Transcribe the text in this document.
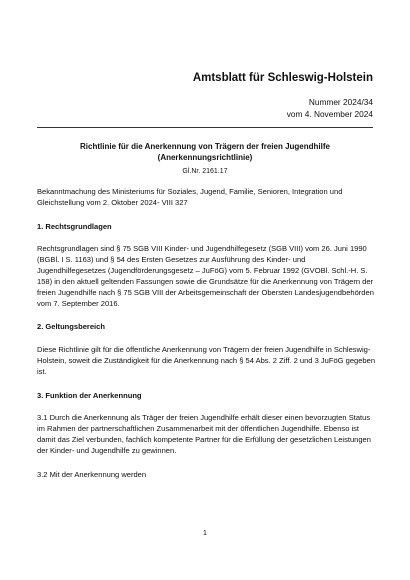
Amtsblatt für Schleswig-Holstein
Nummer 2024/34
vom 4. November 2024
Richtlinie für die Anerkennung von Trägern der freien Jugendhilfe
(Anerkennungsrichtlinie)
Gl.Nr. 2161.17
Bekanntmachung des Ministeriums für Soziales, Jugend, Familie, Senioren, Integration und Gleichstellung vom 2. Oktober 2024- VIII 327
1. Rechtsgrundlagen
Rechtsgrundlagen sind § 75 SGB VIII Kinder- und Jugendhilfegesetz (SGB VIII) vom 26. Juni 1990 (BGBl. I S. 1163) und § 54 des Ersten Gesetzes zur Ausführung des Kinder- und Jugendhilfegesetzes (Jugendförderungsgesetz – JuFöG) vom 5. Februar 1992 (GVOBl. Schl.-H. S. 158) in den aktuell geltenden Fassungen sowie die Grundsätze für die Anerkennung von Trägern der freien Jugendhilfe nach § 75 SGB VIII der Arbeitsgemeinschaft der Obersten Landesjugendbehörden vom 7. September 2016.
2. Geltungsbereich
Diese Richtlinie gilt für die öffentliche Anerkennung von Trägern der freien Jugendhilfe in Schleswig-Holstein, soweit die Zuständigkeit für die Anerkennung nach § 54 Abs. 2 Ziff. 2 und 3 JuFöG gegeben ist.
3. Funktion der Anerkennung
3.1 Durch die Anerkennung als Träger der freien Jugendhilfe erhält dieser einen bevorzugten Status im Rahmen der partnerschaftlichen Zusammenarbeit mit der öffentlichen Jugendhilfe. Ebenso ist damit das Ziel verbunden, fachlich kompetente Partner für die Erfüllung der gesetzlichen Leistungen der Kinder- und Jugendhilfe zu gewinnen.
3.2 Mit der Anerkennung werden
1
